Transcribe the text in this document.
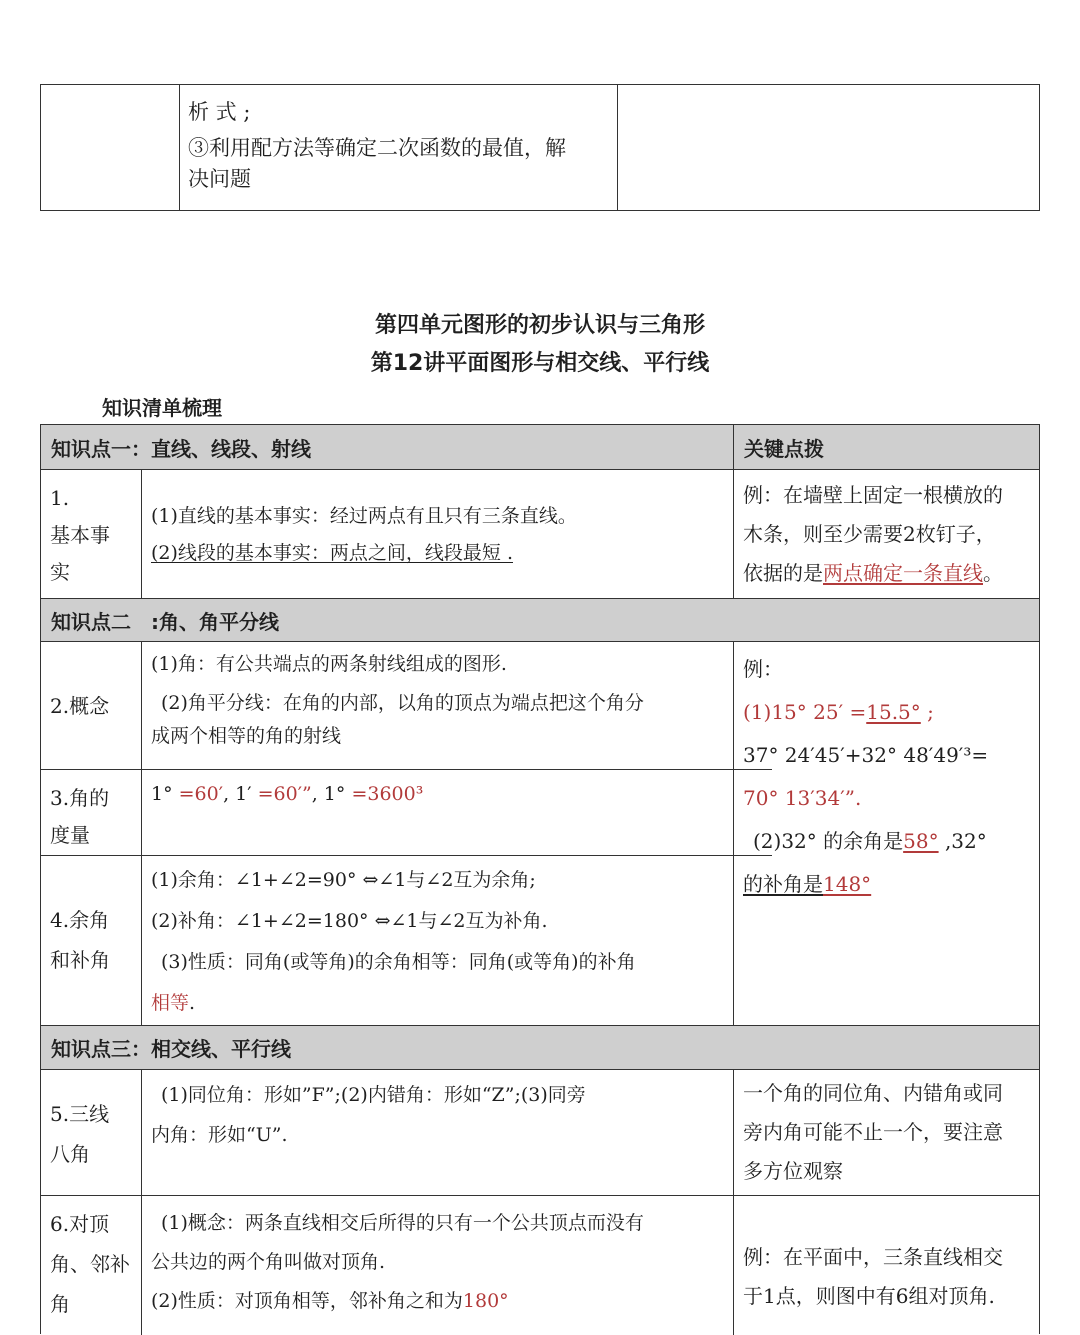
析 式 ;

③利用配方法等确定二次函数的最值，解

决问题

第四单元图形的初步认识与三角形
第12讲平面图形与相交线、平行线
知识清单梳理
知识点一：直线、线段、射线	关键点拨

1.

基本事

实

(1)直线的基本事实：经过两点有且只有三条直线。

(2)线段的基本事实：两点之间，线段最短 .

例：在墙壁上固定一根横放的

木条，则至少需要2枚钉子，

依据的是两点确定一条直线。

知识点二　:角、角平分线
2.概念

(1)角：有公共端点的两条射线组成的图形.

(2)角平分线：在角的内部，以角的顶点为端点把这个角分

成两个相等的角的射线

3.角的

度量

1° =60′, 1′ =60′”, 1° =3600³

4.余角

和补角

(1)余角：∠1+∠2=90° ⇔∠1与∠2互为余角;

(2)补角：∠1+∠2=180° ⇔∠1与∠2互为补角.

(3)性质：同角(或等角)的余角相等：同角(或等角)的补角

相等.

例：

(1)15° 25′ =15.5° ;

37° 24′45′+32° 48′49′³=

70° 13′34′”.

(2)32° 的余角是58° ,32°

的补角是148°

知识点三：相交线、平行线

5.三线

八角

(1)同位角：形如”F”;(2)内错角：形如“Z”;(3)同旁

内角：形如“U”.

一个角的同位角、内错角或同

旁内角可能不止一个，要注意

多方位观察

6.对顶

角、邻补

角

(1)概念：两条直线相交后所得的只有一个公共顶点而没有

公共边的两个角叫做对顶角.

(2)性质：对顶角相等，邻补角之和为180°

例：在平面中，三条直线相交

于1点，则图中有6组对顶角.
